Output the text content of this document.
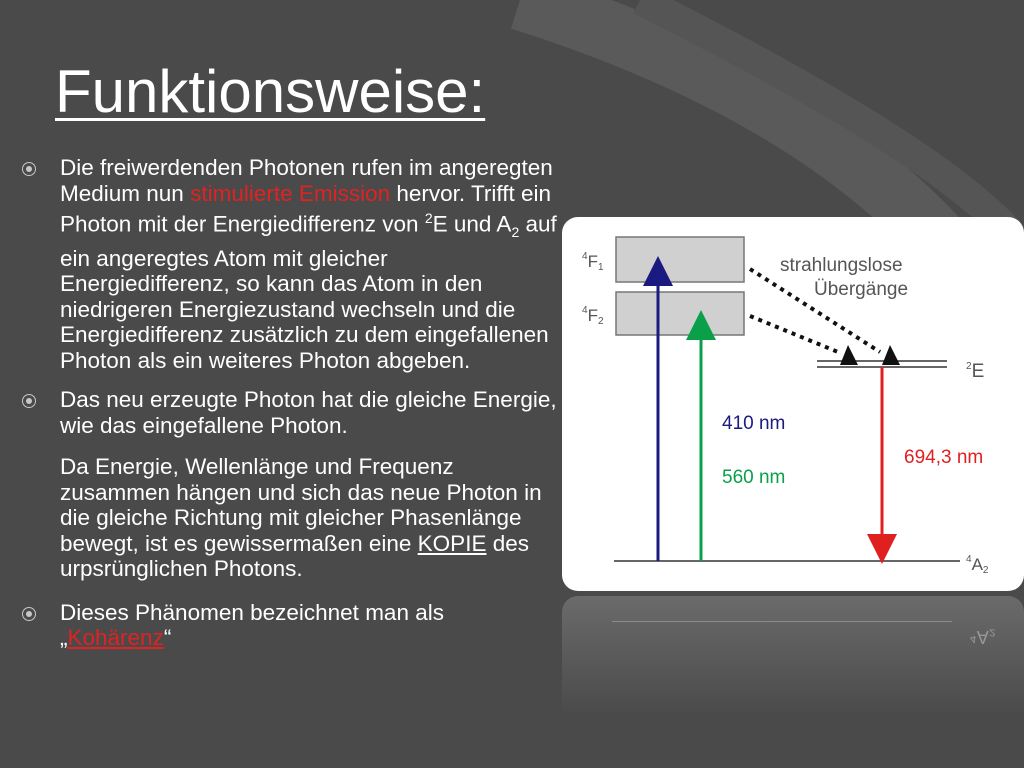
Funktionsweise:
Die freiwerdenden Photonen rufen im angeregten Medium nun stimulierte Emission hervor. Trifft ein Photon mit der Energiedifferenz von $^2$E und $A_2$ auf ein angeregtes Atom mit gleicher Energiedifferenz, so kann das Atom in den niedrigeren Energiezustand wechseln und die Energiedifferenz zusätzlich zu dem eingefallenen Photon als ein weiteres Photon abgeben.
Das neu erzeugte Photon hat die gleiche Energie, wie das eingefallene Photon.
Da Energie, Wellenlänge und Frequenz zusammen hängen und sich das neue Photon in die gleiche Richtung mit gleicher Phasenlänge bewegt, ist es gewissermaßen eine KOPIE des urpsrünglichen Photons.
Dieses Phänomen bezeichnet man als
„Kohärenz“
$^4$F1
$^4$F2
$^2$E
$^4$A2
strahlungslose
Übergänge
410 nm
560 nm
694,3 nm
⁴A₂
